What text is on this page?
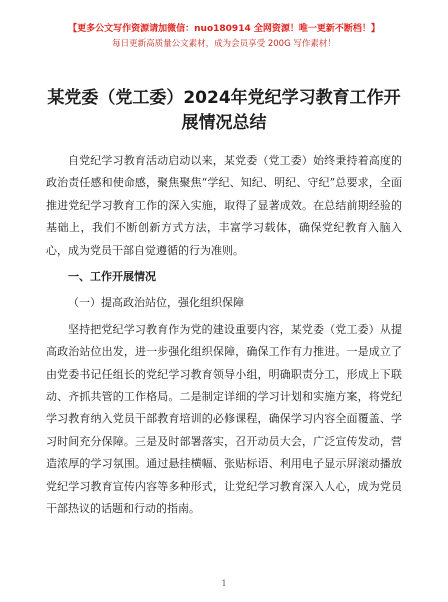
【更多公文写作资源请加微信：nuo180914 全网资源！唯一更新不断档！】
每日更新高质量公文素材，成为会员享受 200G 写作素材！
某党委（党工委）2024年党纪学习教育工作开展情况总结

自党纪学习教育活动启动以来，某党委（党工委）始终秉持着高度的政治责任感和使命感，聚焦聚焦“学纪、知纪、明纪、守纪”总要求，全面推进党纪学习教育工作的深入实施，取得了显著成效。在总结前期经验的基础上，我们不断创新方式方法，丰富学习载体，确保党纪教育入脑入心，成为党员干部自觉遵循的行为准则。

一、工作开展情况
（一）提高政治站位，强化组织保障

坚持把党纪学习教育作为党的建设重要内容，某党委（党工委）从提高政治站位出发，进一步强化组织保障，确保工作有力推进。一是成立了由党委书记任组长的党纪学习教育领导小组，明确职责分工，形成上下联动、齐抓共管的工作格局。二是制定详细的学习计划和实施方案，将党纪学习教育纳入党员干部教育培训的必修课程，确保学习内容全面覆盖、学习时间充分保障。三是及时部署落实，召开动员大会，广泛宣传发动，营造浓厚的学习氛围。通过悬挂横幅、张贴标语、利用电子显示屏滚动播放党纪学习教育宣传内容等多种形式，让党纪学习教育深入人心，成为党员干部热议的话题和行动的指南。

1
